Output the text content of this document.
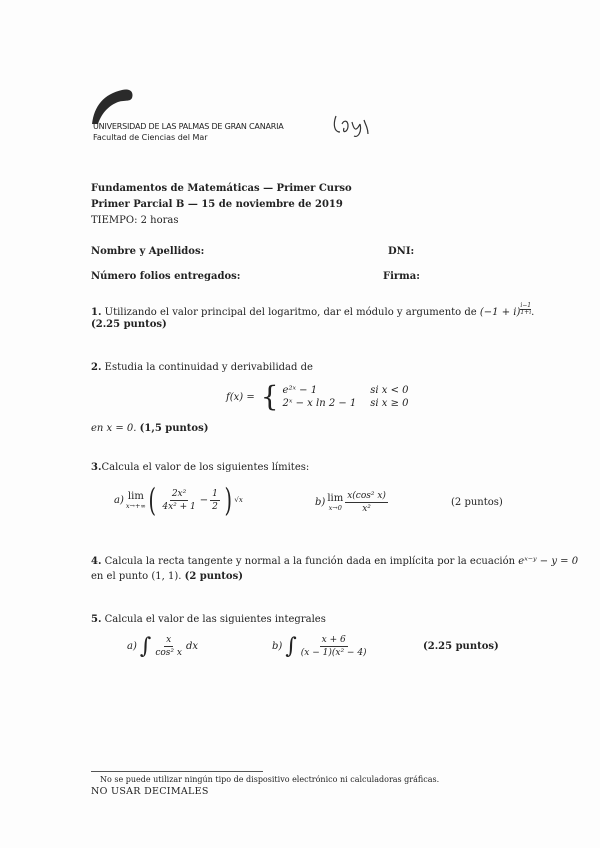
UNIVERSIDAD DE LAS PALMAS DE GRAN CANARIA
Facultad de Ciencias del Mar
Fundamentos de Matemáticas — Primer Curso
Primer Parcial B — 15 de noviembre de 2019
TIEMPO: 2 horas
Nombre y Apellidos:	DNI:
Número folios entregados:	Firma:
1. Utilizando el valor principal del logaritmo, dar el módulo y argumento de (−1 + i) $^{\frac{i-1}{1+i}}$ .
(2.25 puntos)
2. Estudia la continuidad y derivabilidad de
f(x) = { e²ˣ − 1	si x < 0
2ˣ − x ln 2 − 1 si x ≥ 0
en x = 0. (1,5 puntos)
3.Calcula el valor de los siguientes límites:
a) lim
x→+∞ ( $\frac{\text{2x²}}{\text{4x² + 1}} - \frac{1}{2}$ ) √x	b) lim
$x\to 0 \frac{\text{x(cos² x)}}{\text{x²}}$	(2 puntos)
4. Calcula la recta tangente y normal a la función dada en implícita por la ecuación eˣ⁻ʸ − y = 0
en el punto (1, 1). (2 puntos)
5. Calcula el valor de las siguientes integrales
a) ∫ $\frac{x}{\text{cos² x}}$ dx	b) ∫ $\frac{x + 6}{\text{(x − 1)(x² − 4)}}$	(2.25 puntos)
No se puede utilizar ningún tipo de dispositivo electrónico ni calculadoras gráficas.
NO USAR DECIMALES
